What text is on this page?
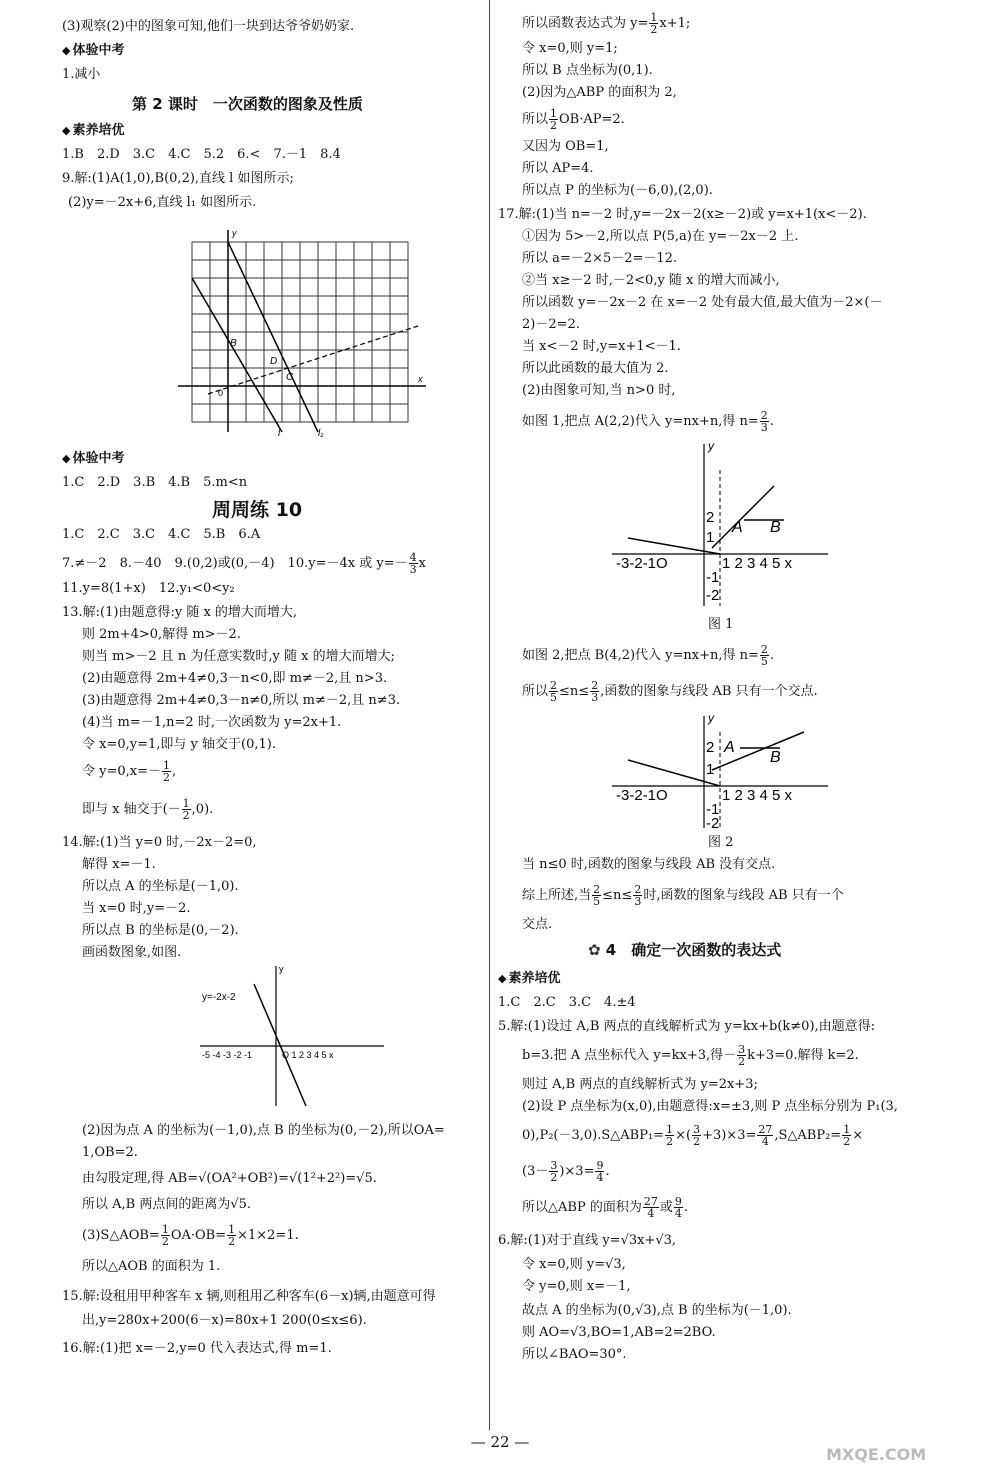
(3)观察(2)中的图象可知,他们一块到达爷爷奶奶家.
◆ 体验中考
1.减小
第 2 课时　一次函数的图象及性质
◆ 素养培优
1.B　2.D　3.C　4.C　5.2　6.<　7.－1　8.4
9.解:(1)A(1,0),B(0,2),直线 l 如图所示;
(2)y=－2x+6,直线 l₁ 如图所示.
B
D
C
0
x
y
l	l₁
◆ 体验中考
1.C　2.D　3.B　4.B　5.m<n
周周练 10
1.C　2.C　3.C　4.C　5.B　6.A
7.≠－2　8.－40　9.(0,2)或(0,－4)　10.y=－4x 或 $y=- \frac{4}{3}$ x
11.y=8(1+x)　12.y₁<0<y₂
13.解:(1)由题意得:y 随 x 的增大而增大,
则 2m+4>0,解得 m>－2.
则当 m>－2 且 n 为任意实数时,y 随 x 的增大而增大;
(2)由题意得 2m+4≠0,3－n<0,即 m≠－2,且 n>3.
(3)由题意得 2m+4≠0,3－n≠0,所以 m≠－2,且 n≠3.
(4)当 m=－1,n=2 时,一次函数为 y=2x+1.
令 x=0,y=1,即与 y 轴交于(0,1).
令 $y=0,x=- \frac{1}{2}$ ,
即与 x 轴交于(－ $\frac{1}{2} ,0$).
14.解:(1)当 y=0 时,－2x－2=0,
解得 x=－1.
所以点 A 的坐标是(－1,0).
当 x=0 时,y=－2.
所以点 B 的坐标是(0,－2).
画函数图象,如图.
y=-2x-2
-5 -4 -3 -2 -1	O 1 2 3 4 5 x
y
(2)因为点 A 的坐标为(－1,0),点 B 的坐标为(0,－2),所以OA=
1,OB=2.
由勾股定理,得 AB=√(OA²+OB²)=√(1²+2²)=√5.
所以 A,B 两点间的距离为√5.
(3)S△AOB= $\frac{1}{2} OA\cdot OB= \frac{1}{2} \times 1\times 2=1$.
所以△AOB 的面积为 1.
15.解:设租用甲种客车 x 辆,则租用乙种客车(6－x)辆,由题意可得
出,y=280x+200(6－x)=80x+1 200(0≤x≤6).
16.解:(1)把 x=－2,y=0 代入表达式,得 m=1.
所以函数表达式为 $y= \frac{1}{2} x+1$;
令 x=0,则 y=1;
所以 B 点坐标为(0,1).
(2)因为△ABP 的面积为 2,
所以 $\frac{1}{2} OB\cdot AP=2$.
又因为 OB=1,
所以 AP=4.
所以点 P 的坐标为(－6,0),(2,0).
17.解:(1)当 n=－2 时,y=－2x－2(x≥－2)或 y=x+1(x<－2).
①因为 5>－2,所以点 P(5,a)在 y=－2x－2 上.
所以 a=－2×5－2=－12.
②当 x≥－2 时,－2<0,y 随 x 的增大而减小,
所以函数 y=－2x－2 在 x=－2 处有最大值,最大值为－2×(－
2)－2=2.
当 x<－2 时,y=x+1<－1.
所以此函数的最大值为 2.
(2)由图象可知,当 n>0 时,
如图 1,把点 A(2,2)代入 y=nx+n,得 $n= \frac{2}{3}$ .
y
A B
2
1
-3-2-1O	1 2 3 4 5 x
-1
-2
图 1
如图 2,把点 B(4,2)代入 y=nx+n,得 $n= \frac{2}{5}$ .
所以 $\frac{2}{5} \le n\le \frac{2}{3}$ ,函数的图象与线段 AB 只有一个交点.
y
A
B
2
1
-3-2-1O	1 2 3 4 5 x
-1
-2
图 2
当 n≤0 时,函数的图象与线段 AB 没有交点.
综上所述,当 $\frac{2}{5} \le n\le \frac{2}{3}$ 时,函数的图象与线段 AB 只有一个
交点.
✿ 4　确定一次函数的表达式
◆ 素养培优
1.C　2.C　3.C　4.±4
5.解:(1)设过 A,B 两点的直线解析式为 y=kx+b(k≠0),由题意得:
b=3.把 A 点坐标代入 y=kx+3,得－ $\frac{3}{2} k+3=0$.解得 k=2.
则过 A,B 两点的直线解析式为 y=2x+3;
(2)设 P 点坐标为(x,0),由题意得:x=±3,则 P 点坐标分别为 P₁(3,
0),P₂(－3,0).S△ABP₁= $\frac{1}{2}$ ×( $\frac{3}{2} +3)\times 3= \frac{27}{4}$ ,S△ABP₂= $\frac{1}{2}$ ×
$(3- \frac{3}{2} )\times 3= \frac{9}{4}$ .
所以△ABP 的面积为 $\frac{27}{4}$ 或 $\frac{9}{4}$ .
6.解:(1)对于直线 y=√3x+√3,
令 x=0,则 y=√3,
令 y=0,则 x=－1,
故点 A 的坐标为(0,√3),点 B 的坐标为(－1,0).
则 AO=√3,BO=1,AB=2=2BO.
所以∠BAO=30°.
— 22 —
MXQE.COM
